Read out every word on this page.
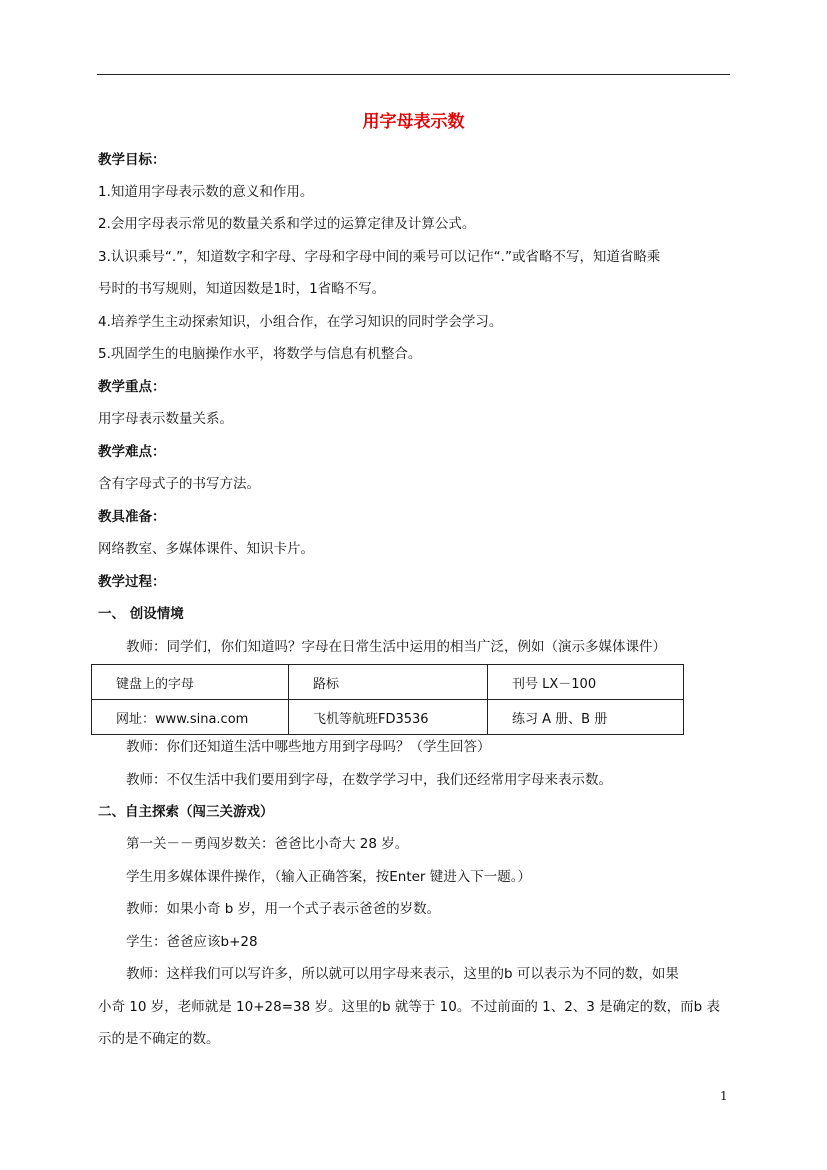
用字母表示数
教学目标：
1.知道用字母表示数的意义和作用。
2.会用字母表示常见的数量关系和学过的运算定律及计算公式。
3.认识乘号“.”，知道数字和字母、字母和字母中间的乘号可以记作“.”或省略不写，知道省略乘
号时的书写规则，知道因数是1时，1省略不写。
4.培养学生主动探索知识，小组合作，在学习知识的同时学会学习。
5.巩固学生的电脑操作水平，将数学与信息有机整合。
教学重点：
用字母表示数量关系。
教学难点：
含有字母式子的书写方法。
教具准备：
网络教室、多媒体课件、知识卡片。
教学过程：
一、 创设情境
教师：同学们，你们知道吗？字母在日常生活中运用的相当广泛，例如（演示多媒体课件）
键盘上的字母	路标	刊号 LX－100
网址：www.sina.com	飞机等航班FD3536	练习 A 册、B 册
教师：你们还知道生活中哪些地方用到字母吗？（学生回答）
教师：不仅生活中我们要用到字母，在数学学习中，我们还经常用字母来表示数。
二、自主探索（闯三关游戏）
第一关－－勇闯岁数关：爸爸比小奇大 28 岁。
学生用多媒体课件操作，（输入正确答案，按Enter 键进入下一题。）
教师：如果小奇 b 岁，用一个式子表示爸爸的岁数。
学生：爸爸应该b+28
教师：这样我们可以写许多，所以就可以用字母来表示，这里的b 可以表示为不同的数，如果
小奇 10 岁，老师就是 10+28=38 岁。这里的b 就等于 10。不过前面的 1、2、3 是确定的数，而b 表
示的是不确定的数。
1
